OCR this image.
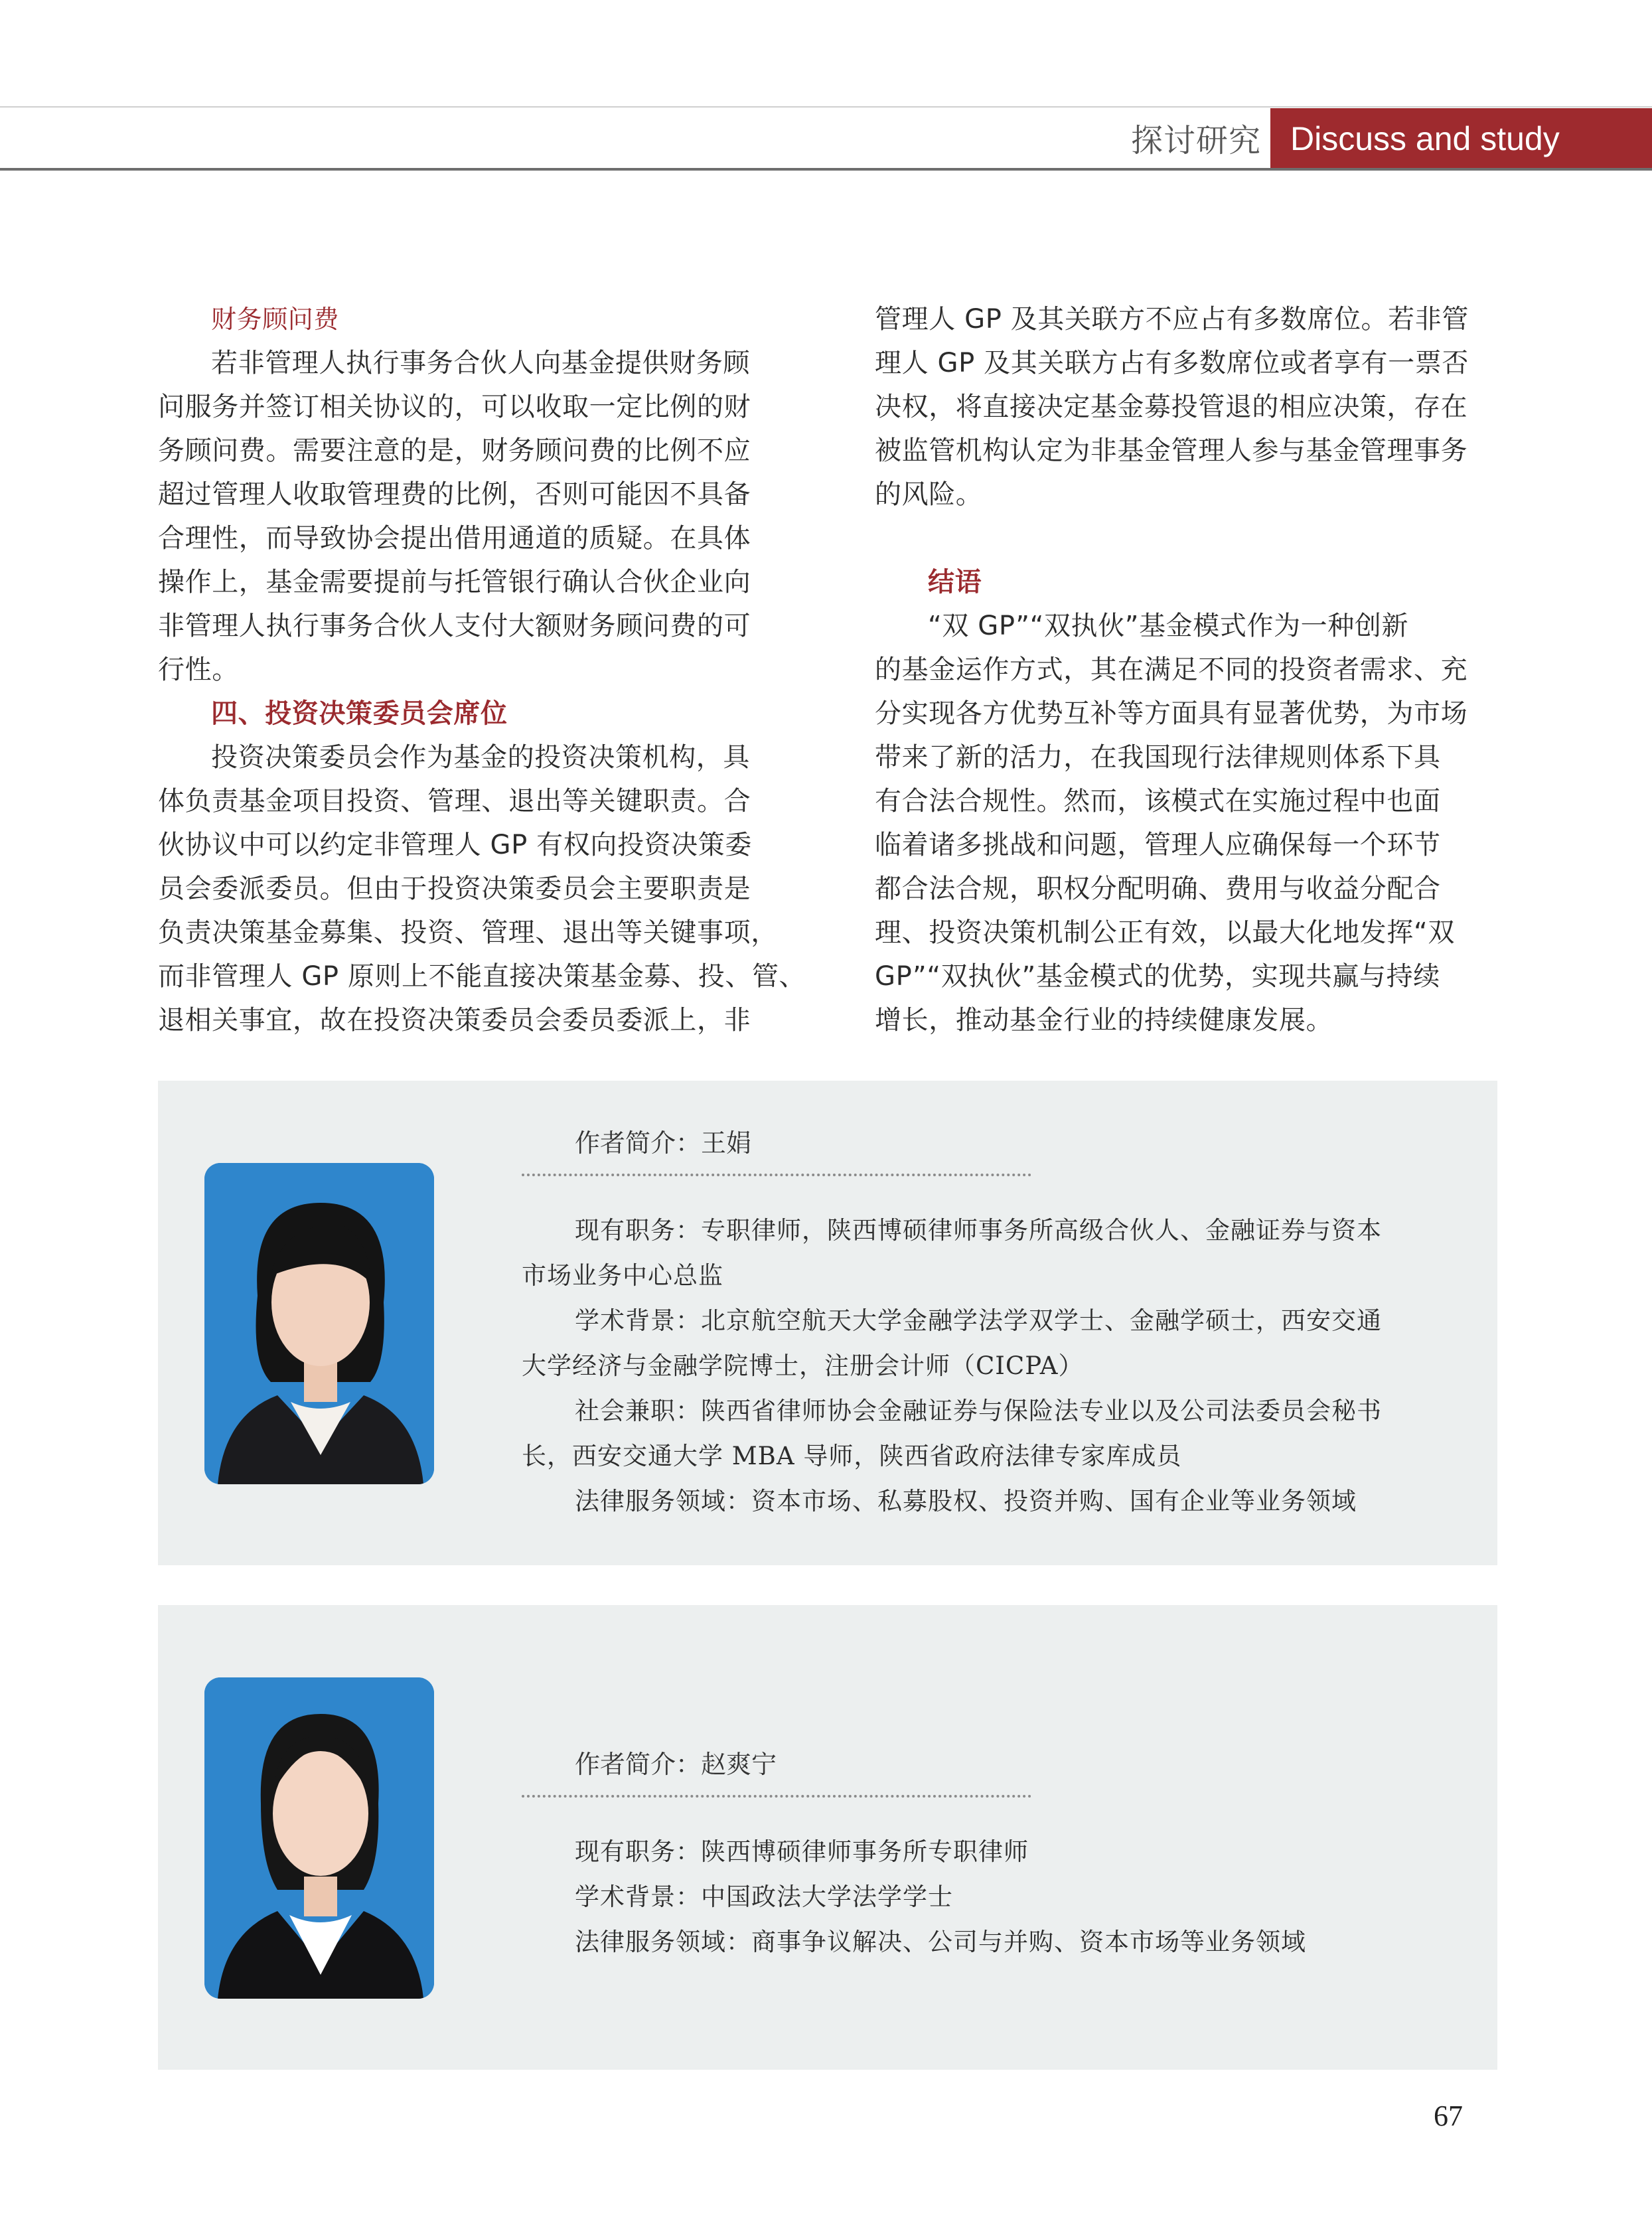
探讨研究 Discuss and study
财务顾问费
若非管理人执行事务合伙人向基金提供财务顾
问服务并签订相关协议的，可以收取一定比例的财
务顾问费。需要注意的是，财务顾问费的比例不应
超过管理人收取管理费的比例，否则可能因不具备
合理性，而导致协会提出借用通道的质疑。在具体
操作上，基金需要提前与托管银行确认合伙企业向
非管理人执行事务合伙人支付大额财务顾问费的可
行性。
四、投资决策委员会席位
投资决策委员会作为基金的投资决策机构，具
体负责基金项目投资、管理、退出等关键职责。合
伙协议中可以约定非管理人 GP 有权向投资决策委
员会委派委员。但由于投资决策委员会主要职责是
负责决策基金募集、投资、管理、退出等关键事项，
而非管理人 GP 原则上不能直接决策基金募、投、管、
退相关事宜，故在投资决策委员会委员委派上，非
管理人 GP 及其关联方不应占有多数席位。若非管
理人 GP 及其关联方占有多数席位或者享有一票否
决权，将直接决定基金募投管退的相应决策，存在
被监管机构认定为非基金管理人参与基金管理事务
的风险。
结语
“双 GP”“双执伙”基金模式作为一种创新
的基金运作方式，其在满足不同的投资者需求、充
分实现各方优势互补等方面具有显著优势，为市场
带来了新的活力，在我国现行法律规则体系下具
有合法合规性。然而，该模式在实施过程中也面
临着诸多挑战和问题，管理人应确保每一个环节
都合法合规，职权分配明确、费用与收益分配合
理、投资决策机制公正有效，以最大化地发挥“双
GP”“双执伙”基金模式的优势，实现共赢与持续
增长，推动基金行业的持续健康发展。
作者简介：王娟
现有职务：专职律师，陕西博硕律师事务所高级合伙人、金融证券与资本
市场业务中心总监
学术背景：北京航空航天大学金融学法学双学士、金融学硕士，西安交通
大学经济与金融学院博士，注册会计师（CICPA）
社会兼职：陕西省律师协会金融证券与保险法专业以及公司法委员会秘书
长，西安交通大学 MBA 导师，陕西省政府法律专家库成员
法律服务领域：资本市场、私募股权、投资并购、国有企业等业务领域
作者简介：赵爽宁
现有职务：陕西博硕律师事务所专职律师
学术背景：中国政法大学法学学士
法律服务领域：商事争议解决、公司与并购、资本市场等业务领域
67
